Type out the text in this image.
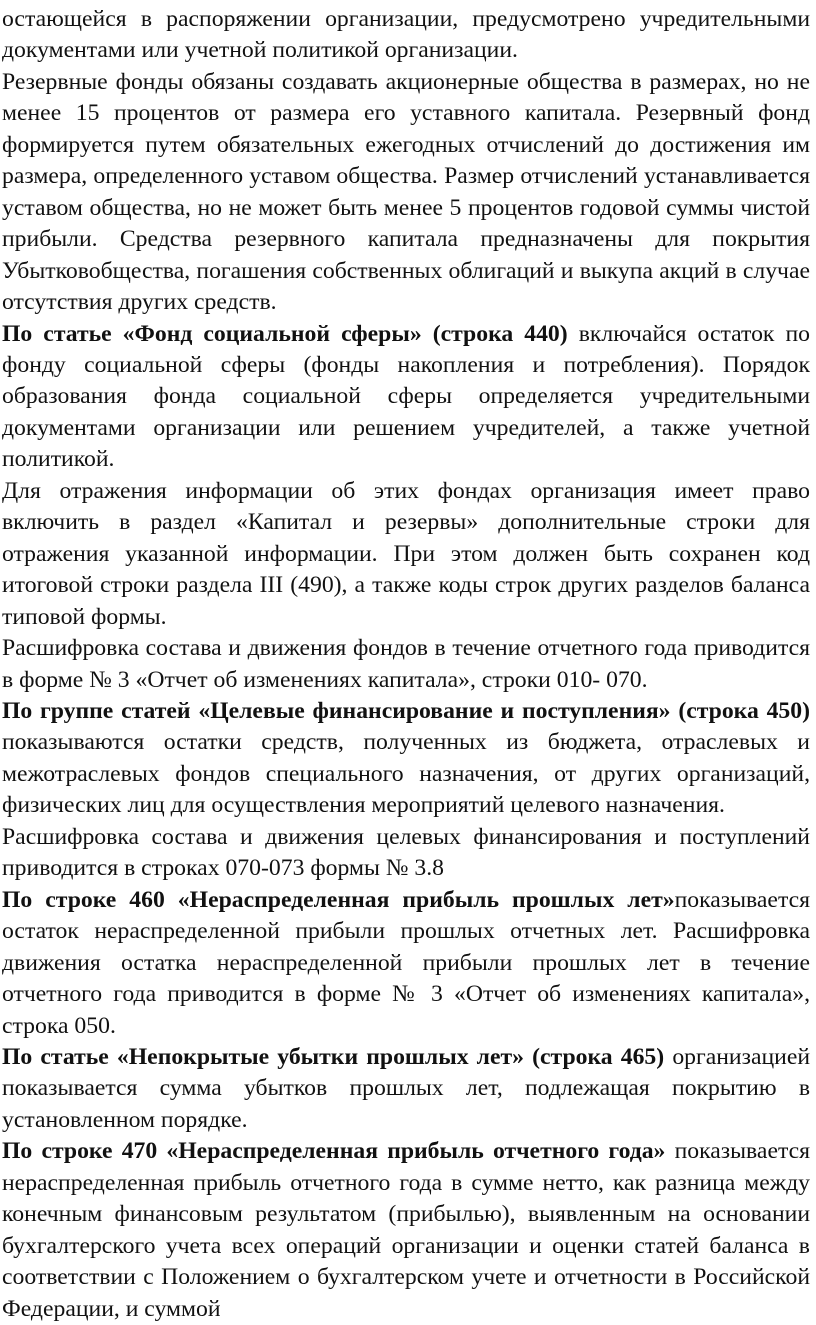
остающейся в распоряжении организации, предусмотрено учредительными документами или учетной политикой организации.

Резервные фонды обязаны создавать акционерные общества в размерах, но не менее 15 процентов от размера его уставного капитала. Резервный фонд формируется путем обязательных ежегодных отчислений до достижения им размера, определенного уставом общества. Размер отчислений устанавливается уставом общества, но не может быть менее 5 процентов годовой суммы чистой прибыли. Средства резервного капитала предназначены для покрытия Убытковобщества, погашения собственных облигаций и выкупа акций в случае отсутствия других средств.

По статье «Фонд социальной сферы» (строка 440) включайся остаток по фонду социальной сферы (фонды накопления и потребления). Порядок образования фонда социальной сферы определяется учредительными документами организации или решением учредителей, а также учетной политикой.

Для отражения информации об этих фондах организация имеет право включить в раздел «Капитал и резервы» дополнительные строки для отражения указанной информации. При этом должен быть сохранен код итоговой строки раздела III (490), а также коды строк других разделов баланса типовой формы.

Расшифровка состава и движения фондов в течение отчетного года приводится в форме № 3 «Отчет об изменениях капитала», строки 010- 070.

По группе статей «Целевые финансирование и поступления» (строка 450) показываются остатки средств, полученных из бюджета, отраслевых и межотраслевых фондов специального назначения, от других организаций, физических лиц для осуществления мероприятий целевого назначения.

Расшифровка состава и движения целевых финансирования и поступлений приводится в строках 070-073 формы № 3.8

По строке 460 «Нераспределенная прибыль прошлых лет»показывается остаток нераспределенной прибыли прошлых отчетных лет. Расшифровка движения остатка нераспределенной прибыли прошлых лет в течение отчетного года приводится в форме № 3 «Отчет об изменениях капитала», строка 050.

По статье «Непокрытые убытки прошлых лет» (строка 465) организацией показывается сумма убытков прошлых лет, подлежащая покрытию в установленном порядке.

По строке 470 «Нераспределенная прибыль отчетного года» показывается нераспределенная прибыль отчетного года в сумме нетто, как разница между конечным финансовым результатом (прибылью), выявленным на основании бухгалтерского учета всех операций организации и оценки статей баланса в соответствии с Положением о бухгалтерском учете и отчетности в Российской Федерации, и суммой
